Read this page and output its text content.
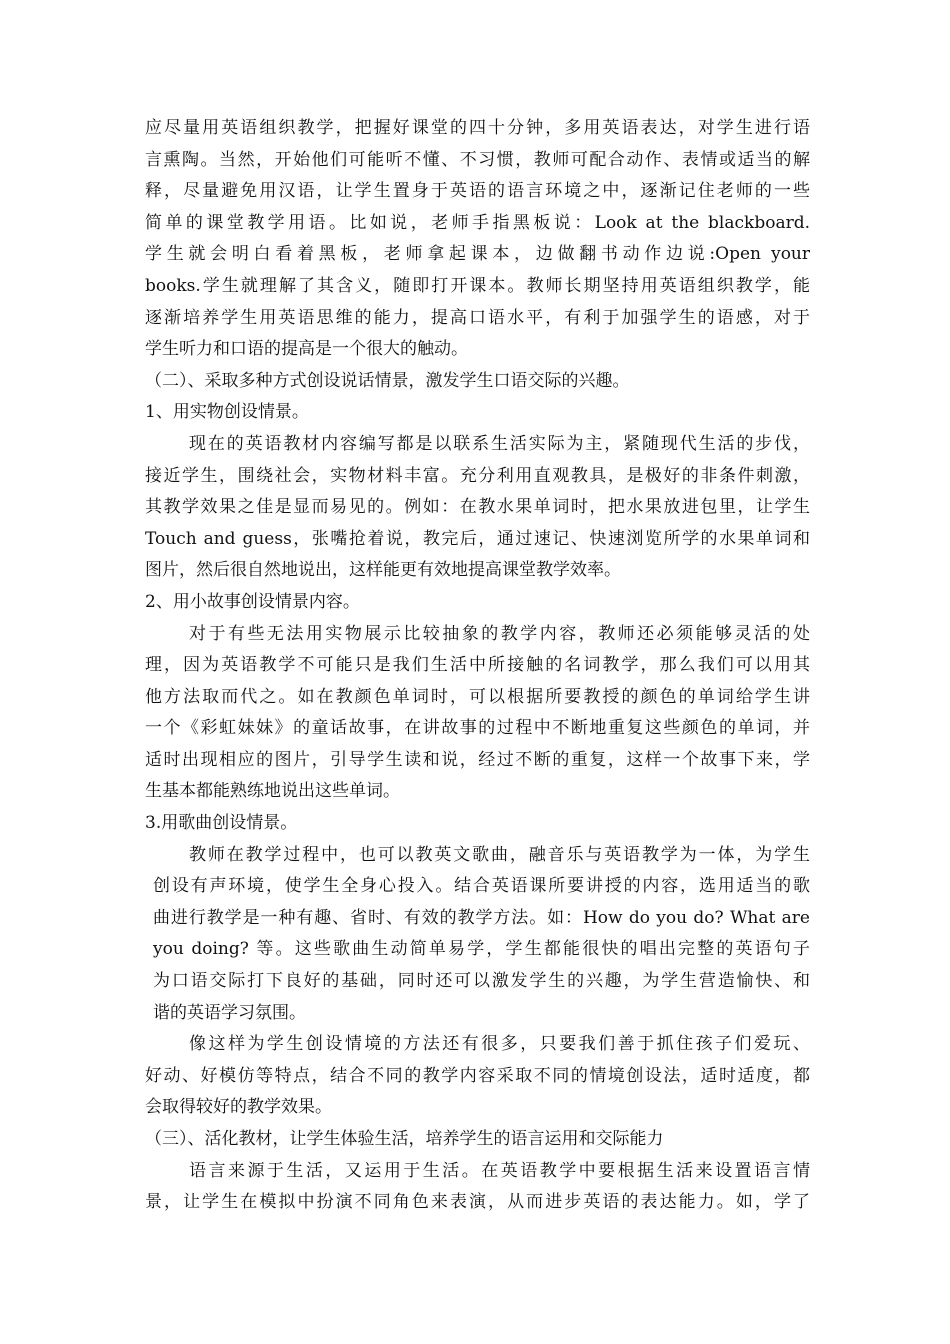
应尽量用英语组织教学，把握好课堂的四十分钟，多用英语表达，对学生进行语
言熏陶。当然，开始他们可能听不懂、不习惯，教师可配合动作、表情或适当的解
释，尽量避免用汉语，让学生置身于英语的语言环境之中，逐渐记住老师的一些
简单的课堂教学用语。比如说，老师手指黑板说：Look at the blackboard.
学生就会明白看着黑板，老师拿起课本，边做翻书动作边说:Open your
books.学生就理解了其含义，随即打开课本。教师长期坚持用英语组织教学，能
逐渐培养学生用英语思维的能力，提高口语水平，有利于加强学生的语感，对于
学生听力和口语的提高是一个很大的触动。
（二）、采取多种方式创设说话情景，激发学生口语交际的兴趣。
1、用实物创设情景。
现在的英语教材内容编写都是以联系生活实际为主，紧随现代生活的步伐，
接近学生，围绕社会，实物材料丰富。充分利用直观教具，是极好的非条件刺激，
其教学效果之佳是显而易见的。例如：在教水果单词时，把水果放进包里，让学生
Touch and guess，张嘴抢着说，教完后，通过速记、快速浏览所学的水果单词和
图片，然后很自然地说出，这样能更有效地提高课堂教学效率。
2、用小故事创设情景内容。
对于有些无法用实物展示比较抽象的教学内容，教师还必须能够灵活的处
理，因为英语教学不可能只是我们生活中所接触的名词教学，那么我们可以用其
他方法取而代之。如在教颜色单词时，可以根据所要教授的颜色的单词给学生讲
一个《彩虹妹妹》的童话故事，在讲故事的过程中不断地重复这些颜色的单词，并
适时出现相应的图片，引导学生读和说，经过不断的重复，这样一个故事下来，学
生基本都能熟练地说出这些单词。
3.用歌曲创设情景。
教师在教学过程中，也可以教英文歌曲，融音乐与英语教学为一体，为学生
创设有声环境，使学生全身心投入。结合英语课所要讲授的内容，选用适当的歌
曲进行教学是一种有趣、省时、有效的教学方法。如：How do you do? What are
you doing? 等。这些歌曲生动简单易学，学生都能很快的唱出完整的英语句子
为口语交际打下良好的基础，同时还可以激发学生的兴趣，为学生营造愉快、和
谐的英语学习氛围。
像这样为学生创设情境的方法还有很多，只要我们善于抓住孩子们爱玩、
好动、好模仿等特点，结合不同的教学内容采取不同的情境创设法，适时适度，都
会取得较好的教学效果。
（三）、活化教材，让学生体验生活，培养学生的语言运用和交际能力
语言来源于生活，又运用于生活。在英语教学中要根据生活来设置语言情
景，让学生在模拟中扮演不同角色来表演，从而进步英语的表达能力。如，学了
